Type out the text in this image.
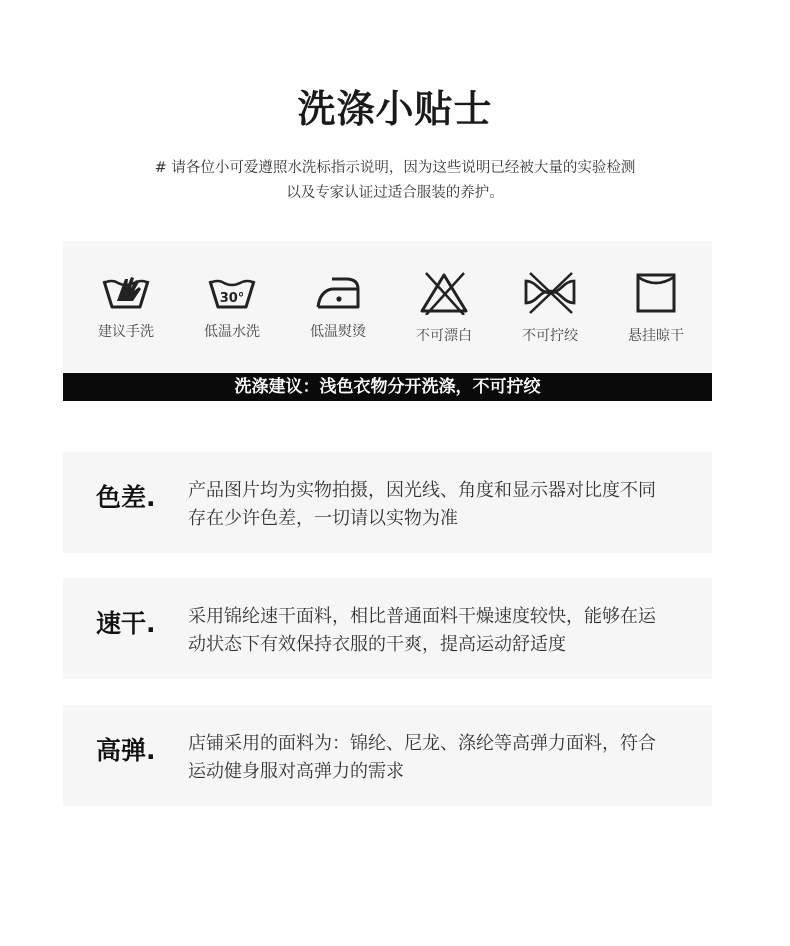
洗涤小贴士
# 请各位小可爱遵照水洗标指示说明，因为这些说明已经被大量的实验检测
以及专家认证过适合服装的养护。
建议手洗
30°
低温水洗	低温熨烫	不可漂白	不可拧绞	悬挂晾干
洗涤建议：浅色衣物分开洗涤，不可拧绞
色差. 产品图片均为实物拍摄，因光线、角度和显示器对比度不同
存在少许色差，一切请以实物为准
速干. 采用锦纶速干面料，相比普通面料干燥速度较快，能够在运
动状态下有效保持衣服的干爽，提高运动舒适度
高弹. 店铺采用的面料为：锦纶、尼龙、涤纶等高弹力面料，符合
运动健身服对高弹力的需求
